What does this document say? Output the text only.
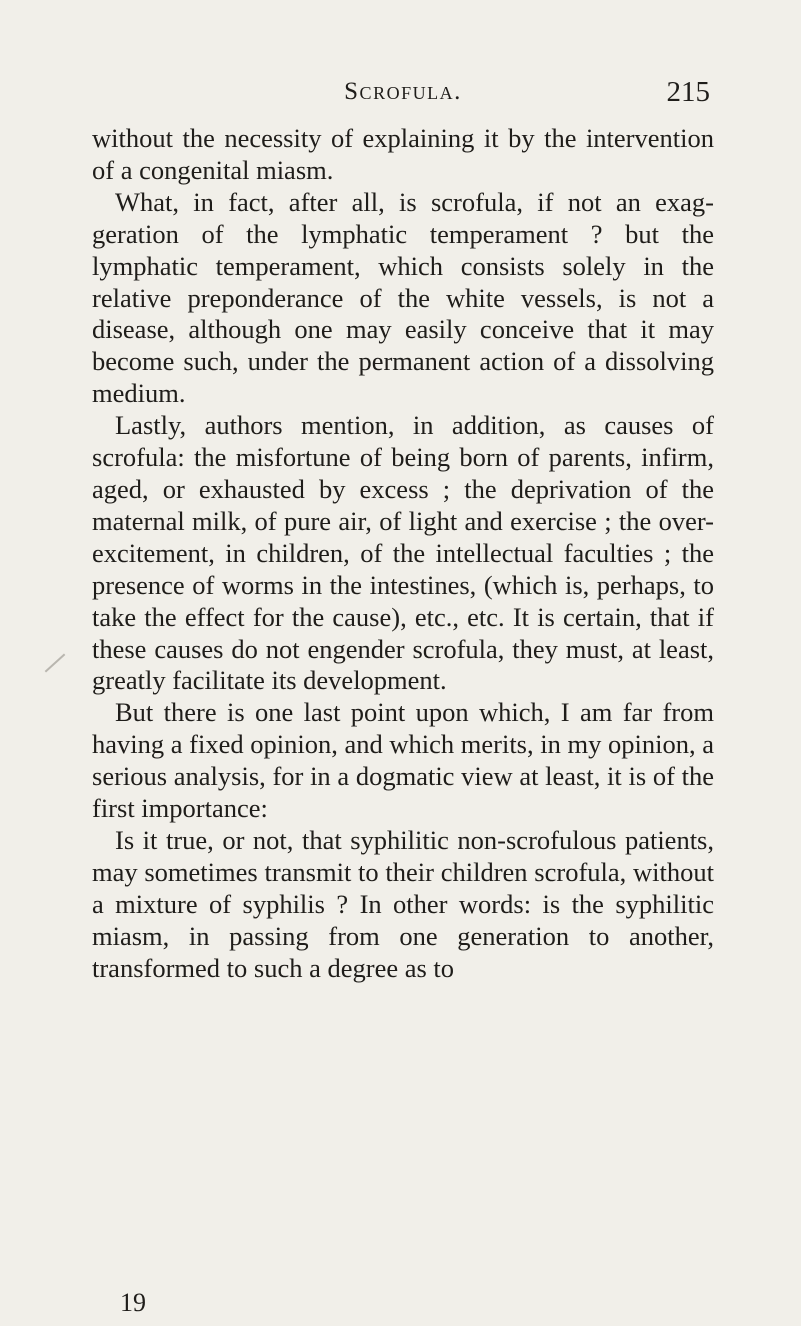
Scrofula.	215

without the necessity of explaining it by the intervention of a congenital miasm.

What, in fact, after all, is scrofula, if not an exaggeration of the lymphatic temperament ? but the lymphatic temperament, which consists solely in the relative preponderance of the white vessels, is not a disease, although one may easily conceive that it may become such, under the permanent action of a dissolving medium.

Lastly, authors mention, in addition, as causes of scrofula: the misfortune of being born of parents, infirm, aged, or exhausted by excess ; the deprivation of the maternal milk, of pure air, of light and exercise ; the over-excitement, in children, of the intellectual faculties ; the presence of worms in the intestines, (which is, perhaps, to take the effect for the cause), etc., etc. It is certain, that if these causes do not engender scrofula, they must, at least, greatly facilitate its development.

But there is one last point upon which, I am far from having a fixed opinion, and which merits, in my opinion, a serious analysis, for in a dogmatic view at least, it is of the first importance:

Is it true, or not, that syphilitic non-scrofulous patients, may sometimes transmit to their children scrofula, without a mixture of syphilis ? In other words: is the syphilitic miasm, in passing from one generation to another, transformed to such a degree as to

19
